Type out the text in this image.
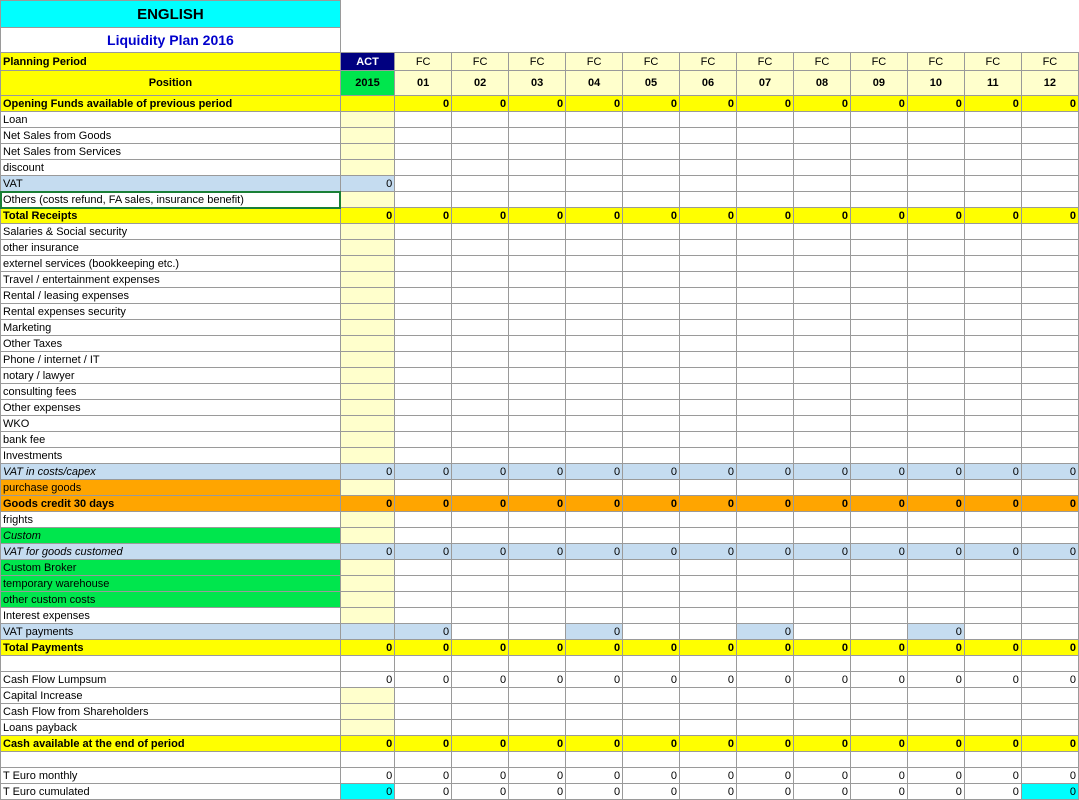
ENGLISH													
Liquidity Plan 2016													
Planning Period	ACT	FC	FC	FC	FC	FC	FC	FC	FC	FC	FC	FC	FC
Position	2015	01	02	03	04	05	06	07	08	09	10	11	12
Opening Funds available of previous period		0	0	0	0	0	0	0	0	0	0	0	0
Loan													
Net Sales from Goods													
Net Sales from Services													
discount													
VAT	0												
Others (costs refund, FA sales, insurance benefit)													
Total Receipts	0	0	0	0	0	0	0	0	0	0	0	0	0
Salaries & Social security													
other insurance													
externel services (bookkeeping etc.)													
Travel / entertainment expenses													
Rental / leasing expenses													
Rental expenses security													
Marketing													
Other Taxes													
Phone / internet / IT													
notary / lawyer													
consulting fees													
Other expenses													
WKO													
bank fee													
Investments													
VAT in costs/capex	0	0	0	0	0	0	0	0	0	0	0	0	0
purchase goods													
Goods credit 30 days	0	0	0	0	0	0	0	0	0	0	0	0	0
frights													
Custom													
VAT for goods customed	0	0	0	0	0	0	0	0	0	0	0	0	0
Custom Broker													
temporary warehouse													
other custom costs													
Interest expenses													
VAT payments		0			0			0			0		
Total Payments	0	0	0	0	0	0	0	0	0	0	0	0	0

Cash Flow Lumpsum	0	0	0	0	0	0	0	0	0	0	0	0	0
Capital Increase													
Cash Flow from Shareholders													
Loans payback													
Cash available at the end of period	0	0	0	0	0	0	0	0	0	0	0	0	0

T Euro monthly	0	0	0	0	0	0	0	0	0	0	0	0	0
T Euro cumulated	0	0	0	0	0	0	0	0	0	0	0	0	0
